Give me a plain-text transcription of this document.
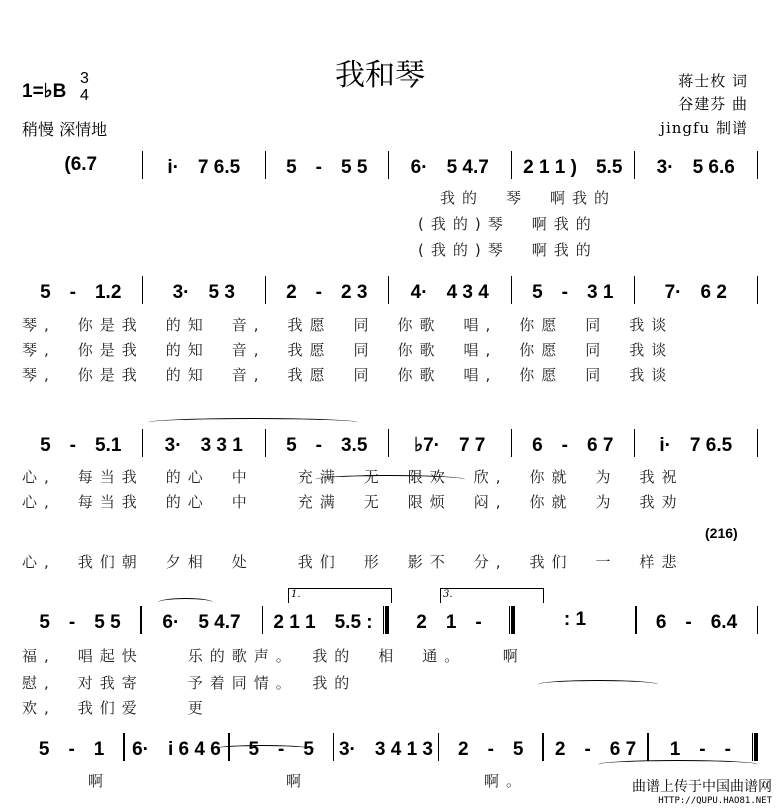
我和琴
1=♭B
3
4
稍慢 深情地
蒋士枚 词
谷建芬 曲
jingfu 制谱
(6.7	i·　7 6.5	5　-　5 5	6·　5 4.7	2 1 1 )　5.5	3·　5 6.6
　　　　　　　　　　　　　　　　　　　我的　琴　啊我的
　　　　　　　　　　　　　　　　　　(我的)琴　啊我的
　　　　　　　　　　　　　　　　　　(我的)琴　啊我的
5　-　1.2	3·　5 3	2　-　2 3	4·　4 3 4	5　-　3 1	7·　6 2
琴,　你是我　的知　音,　我愿　同　你歌　唱,　你愿　同　我谈
琴,　你是我　的知　音,　我愿　同　你歌　唱,　你愿　同　我谈
琴,　你是我　的知　音,　我愿　同　你歌　唱,　你愿　同　我谈
5　-　5.1	3·　3 3 1	5　-　3.5	♭7·　7 7	6　-　6 7	i·　7 6.5
心,　每当我　的心　中　　充满　无　限欢　欣,　你就　为　我祝
心,　每当我　的心　中　　充满　无　限烦　闷,　你就　为　我劝
心,　我们朝　夕相　处　　我们　形　影不　分,　我们　一　样悲
(216)
5　-　5 5	6·　5 4.7	2 1 1　5.5 :	2　1　-	: 1	6　-　6.4
福,　唱起快　　乐的歌声。　我的　相　通。　　啊
慰,　对我寄　　予着同情。　我的
欢,　我们爱　　更
1.	3.
5　-　1	6·　i 6 4 6	5　-　5	3·　3 4 1 3	2　-　5	2　-　6 7	1　-　-
　　　啊　　　　　　　　啊　　　　　　　　啊。	曲谱上传于中国曲谱网
HTTP://QUPU.HAO81.NET
